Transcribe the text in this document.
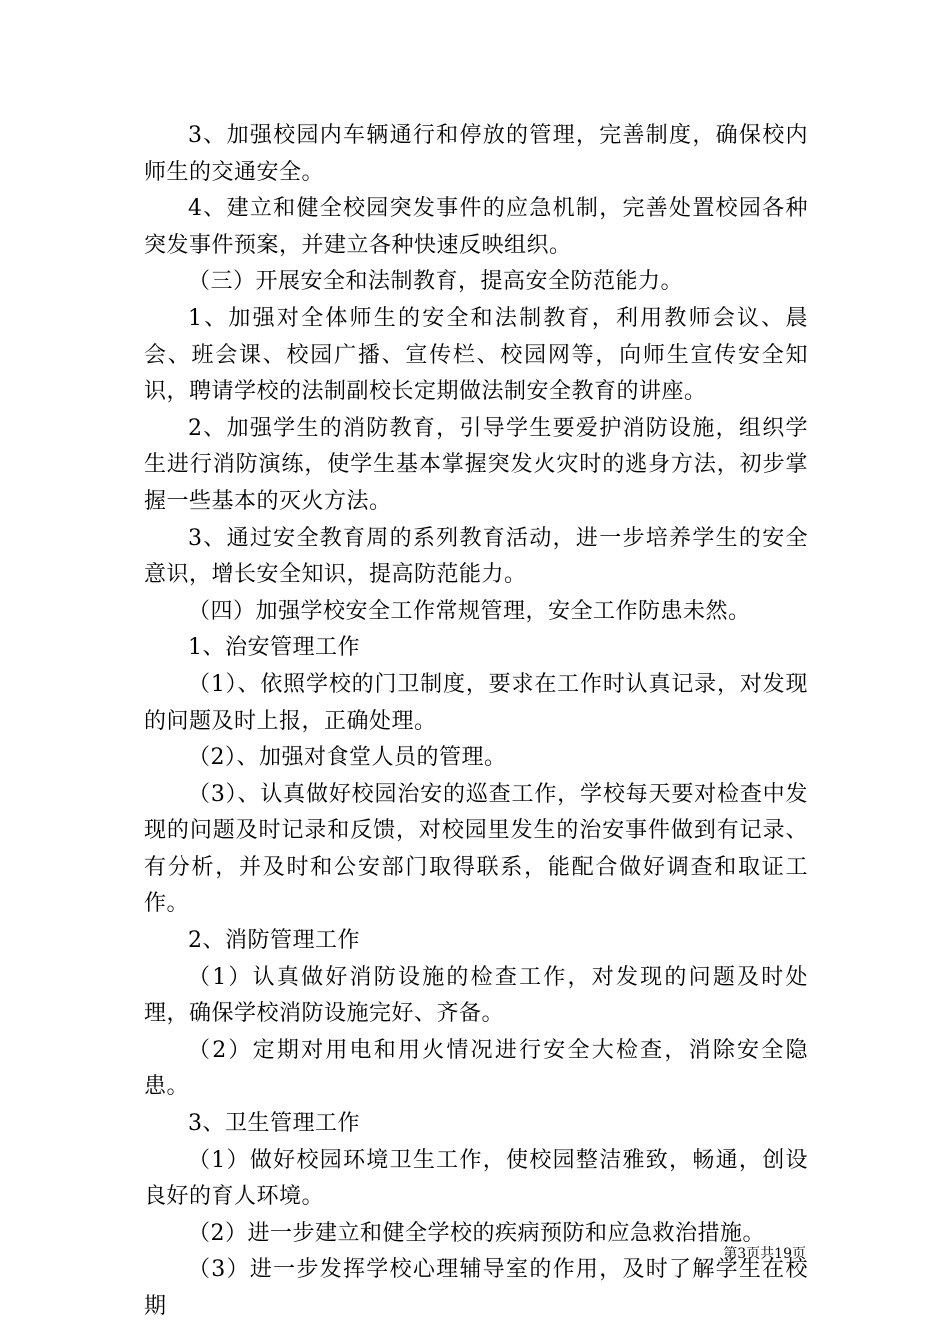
3、加强校园内车辆通行和停放的管理，完善制度，确保校内师生的交通安全。

4、建立和健全校园突发事件的应急机制，完善处置校园各种突发事件预案，并建立各种快速反映组织。

（三）开展安全和法制教育，提高安全防范能力。

1、加强对全体师生的安全和法制教育，利用教师会议、晨会、班会课、校园广播、宣传栏、校园网等，向师生宣传安全知识，聘请学校的法制副校长定期做法制安全教育的讲座。

2、加强学生的消防教育，引导学生要爱护消防设施，组织学生进行消防演练，使学生基本掌握突发火灾时的逃身方法，初步掌握一些基本的灭火方法。

3、通过安全教育周的系列教育活动，进一步培养学生的安全意识，增长安全知识，提高防范能力。

（四）加强学校安全工作常规管理，安全工作防患未然。

1、治安管理工作

（1）、依照学校的门卫制度，要求在工作时认真记录，对发现的问题及时上报，正确处理。

（2）、加强对食堂人员的管理。

（3）、认真做好校园治安的巡查工作，学校每天要对检查中发现的问题及时记录和反馈，对校园里发生的治安事件做到有记录、有分析，并及时和公安部门取得联系，能配合做好调查和取证工作。

2、消防管理工作

（1）认真做好消防设施的检查工作，对发现的问题及时处理，确保学校消防设施完好、齐备。

（2）定期对用电和用火情况进行安全大检查，消除安全隐患。

3、卫生管理工作

（1）做好校园环境卫生工作，使校园整洁雅致，畅通，创设良好的育人环境。

（2）进一步建立和健全学校的疾病预防和应急救治措施。

（3）进一步发挥学校心理辅导室的作用，及时了解学生在校期

第3页共19页
